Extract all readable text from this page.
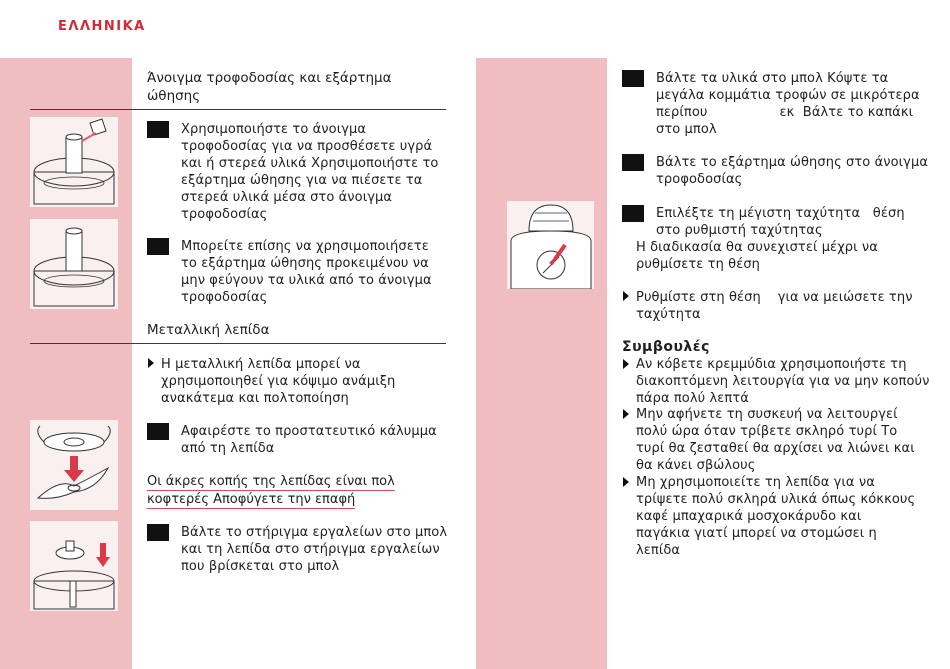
ΕΛΛΗΝΙΚΑ
Άνοιγμα τροφοδοσίας και εξάρτημα
ώθησης
Χρησιμοποιήστε το άνοιγμα
τροφοδοσίας για να προσθέσετε υγρά
και ή στερεά υλικά Χρησιμοποιήστε το
εξάρτημα ώθησης για να πιέσετε τα
στερεά υλικά μέσα στο άνοιγμα
τροφοδοσίας
Μπορείτε επίσης να χρησιμοποιήσετε
το εξάρτημα ώθησης προκειμένου να
μην φεύγουν τα υλικά από το άνοιγμα
τροφοδοσίας
Μεταλλική λεπίδα
Η μεταλλική λεπίδα μπορεί να
χρησιμοποιηθεί για κόψιμο ανάμιξη
ανακάτεμα και πολτοποίηση
Αφαιρέστε το προστατευτικό κάλυμμα
από τη λεπίδα
Οι άκρες κοπής της λεπίδας είναι πολ
κοφτερές Αποφύγετε την επαφή
Βάλτε το στήριγμα εργαλείων στο μπολ
και τη λεπίδα στο στήριγμα εργαλείων
που βρίσκεται στο μπολ
Βάλτε τα υλικά στο μπολ Κόψτε τα
μεγάλα κομμάτια τροφών σε μικρότερα
περίπου                 εκ  Βάλτε το καπάκι
στο μπολ
Βάλτε το εξάρτημα ώθησης στο άνοιγμα
τροφοδοσίας
Επιλέξτε τη μέγιστη ταχύτητα   θέση
στο ρυθμιστή ταχύτητας
Η διαδικασία θα συνεχιστεί μέχρι να
ρυθμίσετε τη θέση
Ρυθμίστε στη θέση    για να μειώσετε την
ταχύτητα
Συμβουλές
Αν κόβετε κρεμμύδια χρησιμοποιήστε τη
διακοπτόμενη λειτουργία για να μην κοπούν
πάρα πολύ λεπτά
Μην αφήνετε τη συσκευή να λειτουργεί
πολύ ώρα όταν τρίβετε σκληρό τυρί Το
τυρί θα ζεσταθεί θα αρχίσει να λιώνει και
θα κάνει σβώλους
Μη χρησιμοποιείτε τη λεπίδα για να
τρίψετε πολύ σκληρά υλικά όπως κόκκους
καφέ μπαχαρικά μοσχοκάρυδο και
παγάκια γιατί μπορεί να στομώσει η
λεπίδα
